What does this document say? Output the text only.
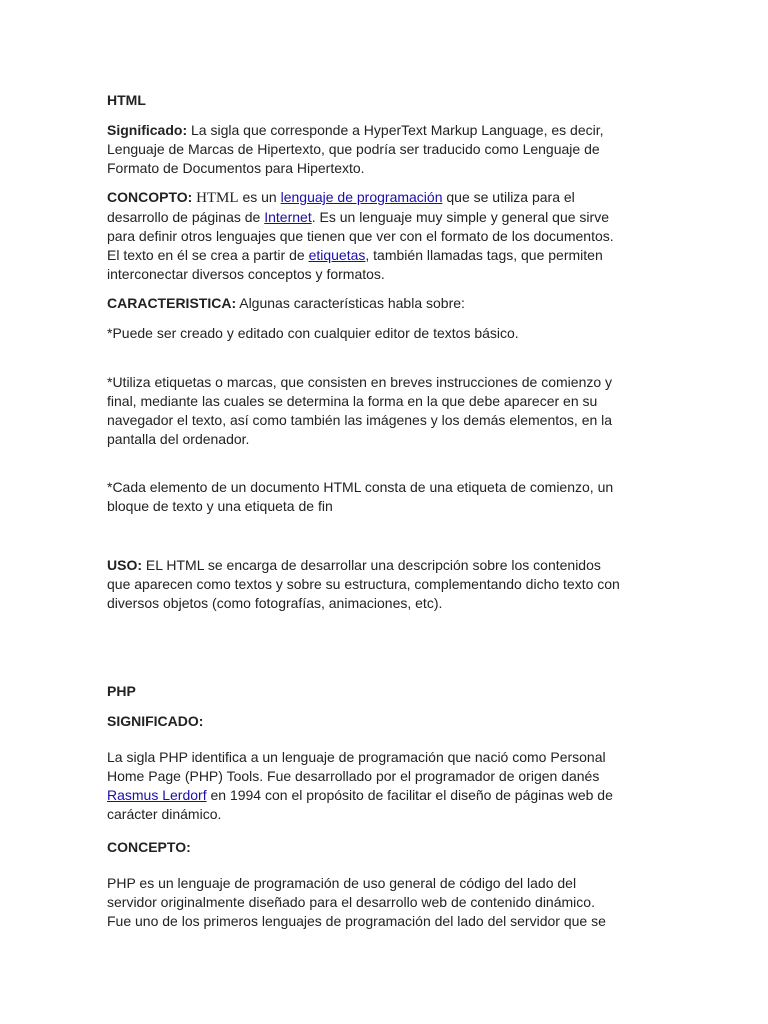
HTML

Significado: La sigla que corresponde a HyperText Markup Language, es decir,
Lenguaje de Marcas de Hipertexto, que podría ser traducido como Lenguaje de
Formato de Documentos para Hipertexto.

CONCOPTO: HTML es un lenguaje de programación que se utiliza para el
desarrollo de páginas de Internet. Es un lenguaje muy simple y general que sirve
para definir otros lenguajes que tienen que ver con el formato de los documentos.
El texto en él se crea a partir de etiquetas, también llamadas tags, que permiten
interconectar diversos conceptos y formatos.

CARACTERISTICA: Algunas características habla sobre:

*Puede ser creado y editado con cualquier editor de textos básico.

*Utiliza etiquetas o marcas, que consisten en breves instrucciones de comienzo y
final, mediante las cuales se determina la forma en la que debe aparecer en su
navegador el texto, así como también las imágenes y los demás elementos, en la
pantalla del ordenador.

*Cada elemento de un documento HTML consta de una etiqueta de comienzo, un
bloque de texto y una etiqueta de fin

USO: EL HTML se encarga de desarrollar una descripción sobre los contenidos
que aparecen como textos y sobre su estructura, complementando dicho texto con
diversos objetos (como fotografías, animaciones, etc).

PHP

SIGNIFICADO:

La sigla PHP identifica a un lenguaje de programación que nació como Personal
Home Page (PHP) Tools. Fue desarrollado por el programador de origen danés
Rasmus Lerdorf en 1994 con el propósito de facilitar el diseño de páginas web de
carácter dinámico.

CONCEPTO:

PHP es un lenguaje de programación de uso general de código del lado del
servidor originalmente diseñado para el desarrollo web de contenido dinámico.
Fue uno de los primeros lenguajes de programación del lado del servidor que se
